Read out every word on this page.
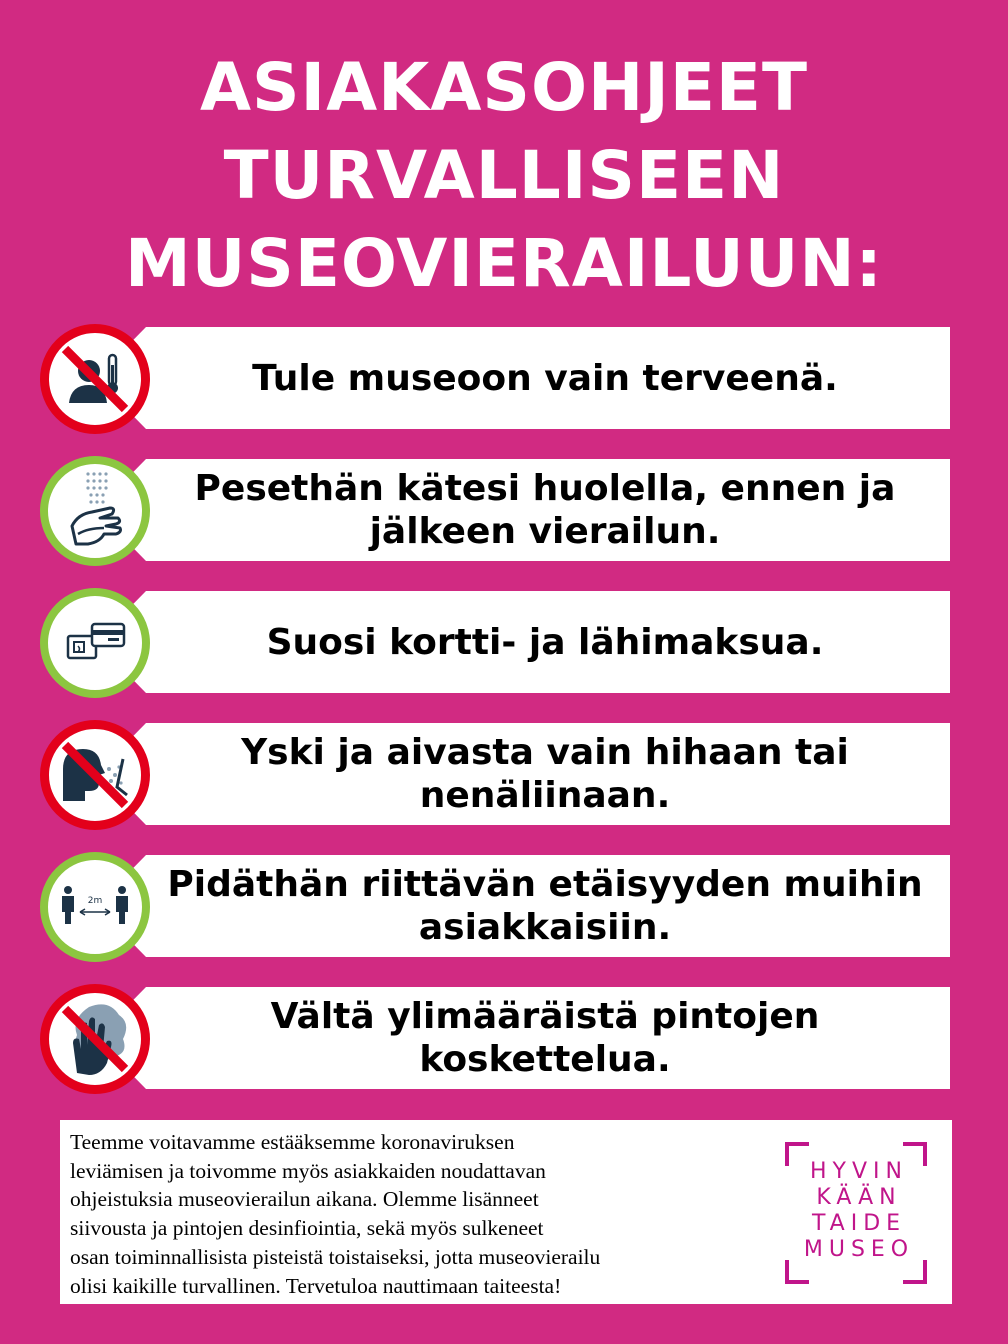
ASIAKASOHJEET
TURVALLISEEN
MUSEOVIERAILUUN:
Tule museoon vain terveenä.
Pesethän kätesi huolella, ennen ja
jälkeen vierailun.
Suosi kortti- ja lähimaksua.
Yski ja aivasta vain hihaan tai
nenäliinaan.
Pidäthän riittävän etäisyyden muihin
asiakkaisiin.
2m
Vältä ylimääräistä pintojen
koskettelua.
Teemme voitavamme estääksemme koronaviruksen
leviämisen ja toivomme myös asiakkaiden noudattavan
ohjeistuksia museovierailun aikana. Olemme lisänneet
siivousta ja pintojen desinfiointia, sekä myös sulkeneet
osan toiminnallisista pisteistä toistaiseksi, jotta museovierailu
olisi kaikille turvallinen. Tervetuloa nauttimaan taiteesta!
HYVIN
KÄÄN
TAIDE
MUSEO
